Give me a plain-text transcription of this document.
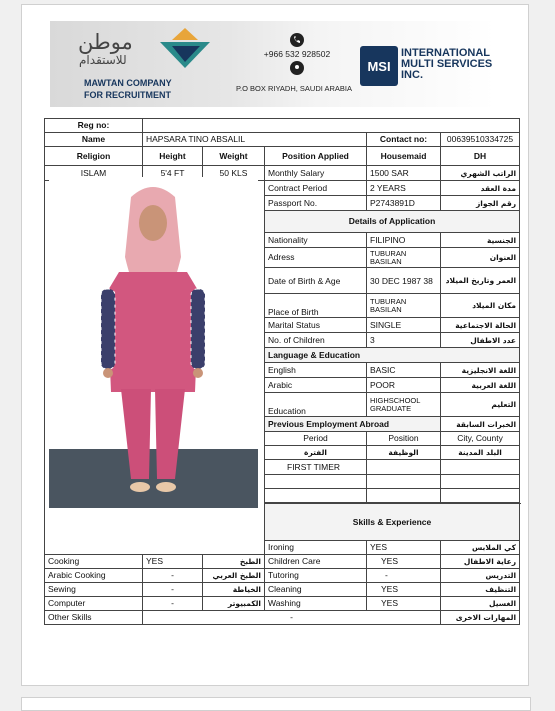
موطن
للاستقدام
MAWTAN COMPANY
FOR RECRUITMENT
+966 532 928502
P.O BOX RIYADH, SAUDI ARABIA
MSI
INTERNATIONAL
MULTI SERVICES
INC.
Reg no:						
Name	HAPSARA TINO ABSALIL			Contact no:	00639510334725	
Religion	Height	Weight	Position Applied	Housemaid	DH	
ISLAM	5'4 FT	50 KLS	Monthly Salary	1500 SAR	الراتب الشهري	
			Contract Period	2 YEARS	مدة العقد	
			Passport No.	P2743891D	رقم الجواز	
			Details of Application			
			Nationality	FILIPINO	الجنسية	
			Adress	TUBURAN BASILAN	العنوان	
			Date of Birth & Age	30 DEC 1987 38	العمر وتاريخ الميلاد	
			Place of Birth	TUBURAN BASILAN	مكان الميلاد	
			Marital Status	SINGLE	الحالة الاجتماعية	
			No. of Children	3	عدد الاطفال	
			Language & Education			
			English	BASIC	اللغة الانجليزية	
			Arabic	POOR	اللغة العربية	
			Education	HIGHSCHOOL GRADUATE	التعليم	
			Previous Employment Abroad		الخبرات السابقة	
			Period	Position	City, County	
			الفترة	الوظيفة	البلد المدينة	
			FIRST TIMER			

			Skills & Experience			
			Ironing	YES	كي الملابس			
Cooking	YES	الطبخ	Children Care	YES	رعاية الاطفال	
Arabic Cooking	-	الطبخ العربي	Tutoring	-	التدريس	
Sewing	-	الخياطة	Cleaning	YES	التنظيف	
Computer	-	الكمبيوتر	Washing	YES	الغسيل	
Other Skills	-				المهارات الاخرى	
